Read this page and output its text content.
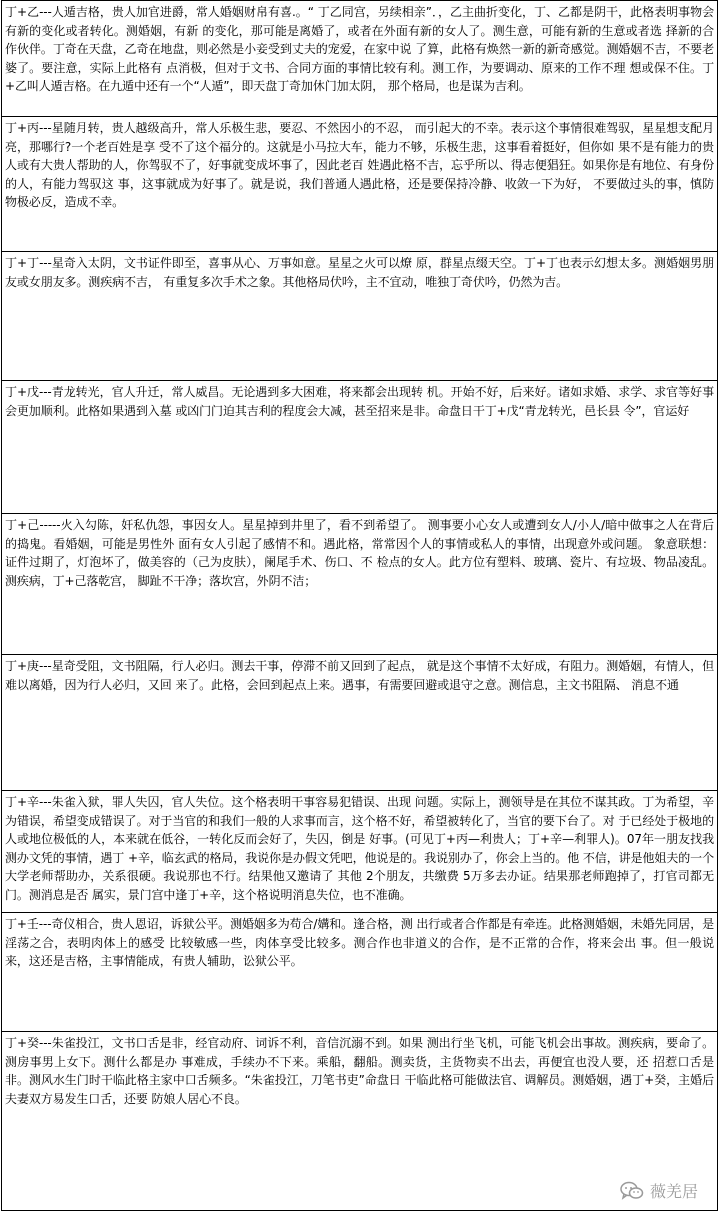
丁+乙---人遁吉格，贵人加官进爵，常人婚姻财帛有喜.。“ 丁乙同宫，另续相亲”．，乙主曲折变化，丁、乙都是阴干，此格表明事物会有新的变化或者转化。测婚姻，有新 的变化，那可能是离婚了，或者在外面有新的女人了。测生意，可能有新的生意或者选 择新的合作伙伴。丁奇在天盘，乙奇在地盘，则必然是小妾受到丈夫的宠爱，在家中说 了算，此格有焕然一新的新奇感觉。测婚姻不吉，不要老婆了。要注意，实际上此格有 点消极，但对于文书、合同方面的事情比较有利。测工作，为要调动、原来的工作不理 想或保不住。丁+乙叫人遁吉格。在九遁中还有一个“人遁”，即天盘丁奇加休门加太阴， 那个格局，也是谋为吉利。
丁+丙---星随月转，贵人越级高升，常人乐极生悲，要忍、不然因小的不忍， 而引起大的不幸。表示这个事情很难驾驭，星星想支配月亮，那哪行?一个老百姓是享 受不了这个福分的。这就是小马拉大车，能力不够，乐极生悲，这事看着挺好，但你如 果不是有能力的贵人或有大贵人帮助的人，你驾驭不了，好事就变成坏事了，因此老百 姓遇此格不吉，忘乎所以、得志便猖狂。如果你是有地位、有身份的人，有能力驾驭这 事，这事就成为好事了。就是说，我们普通人遇此格，还是要保持冷静、收敛一下为好， 不要做过头的事，慎防物极必反，造成不幸。
丁+丁---星奇入太阴，文书证件即至，喜事从心、万事如意。星星之火可以燎 原，群星点缀天空。丁+丁也表示幻想太多。测婚姻男朋友或女朋友多。测疾病不吉， 有重复多次手术之象。其他格局伏吟，主不宜动，唯独丁奇伏吟，仍然为吉。
丁+戊---青龙转光，官人升迁，常人威昌。无论遇到多大困难，将来都会出现转 机。开始不好，后来好。诸如求婚、求学、求官等好事会更加顺利。此格如果遇到入墓 或凶门门迫其吉利的程度会大减，甚至招来是非。命盘日干丁+戊“青龙转光，邑长县 令”，官运好
丁+己-----火入勾陈，奸私仇怨，事因女人。星星掉到井里了，看不到希望了。 测事要小心女人或遭到女人/小人/暗中做事之人在背后的捣鬼。看婚姻，可能是男性外 面有女人引起了感情不和。遇此格，常常因个人的事情或私人的事情，出现意外或问题。 象意联想：证件过期了，灯泡坏了，做美容的（己为皮肤），阑尾手术、伤口、不 检点的女人。此方位有塑料、玻璃、瓷片、有垃圾、物品凌乱。测疾病，丁+己落乾宫， 脚趾不干净；落坎宫，外阴不洁；
丁+庚---星奇受阻，文书阻隔，行人必归。测去干事，停滞不前又回到了起点， 就是这个事情不太好成，有阻力。测婚姻，有情人，但难以离婚，因为行人必归，又回 来了。此格，会回到起点上来。遇事，有需要回避或退守之意。测信息，主文书阻隔、 消息不通
丁+辛---朱雀入狱，罪人失囚，官人失位。这个格表明干事容易犯错误、出现 问题。实际上，测领导是在其位不谋其政。丁为希望，辛为错误，希望变成错误了。对于当官的和我们一般的人求事而言，这个格不好，希望被转化了，当官的要下台了。对 于已经处于极地的人或地位极低的人，本来就在低谷，一转化反而会好了，失囚，倒是 好事。(可见丁+丙—利贵人；丁+辛—利罪人)。07年一朋友找我测办文凭的事情，遇丁 +辛，临玄武的格局，我说你是办假文凭吧，他说是的。我说别办了，你会上当的。他 不信，讲是他姐夫的一个大学老师帮助办，关系很硬。我说那也不行。结果他又邀请了 其他 2个朋友，共缴费 5万多去办证。结果那老师跑掉了，打官司都无门。测消息是否 属实，景门宫中逢丁+辛，这个格说明消息失位，也不准确。
丁+壬---奇仪相合，贵人恩诏，诉狱公平。测婚姻多为苟合/媾和。逢合格，测 出行或者合作都是有牵连。此格测婚姻，未婚先同居，是淫荡之合，表明肉体上的感受 比较敏感一些，肉体享受比较多。测合作也非道义的合作，是不正常的合作，将来会出 事。但一般说来，这还是吉格，主事情能成，有贵人辅助，讼狱公平。
丁+癸---朱雀投江，文书口舌是非，经官动府、词诉不利，音信沉溺不到。如果 测出行坐飞机，可能飞机会出事故。测疾病，要命了。测房事男上女下。测什么都是办 事难成，手续办不下来。乘船，翻船。测卖货，主货物卖不出去，再便宜也没人要，还 招惹口舌是非。测风水生门时干临此格主家中口舌频多。“朱雀投江，刀笔书吏”命盘日 干临此格可能做法官、调解员。测婚姻，遇丁+癸，主婚后夫妻双方易发生口舌，还要 防娘人居心不良。
薇羌居
